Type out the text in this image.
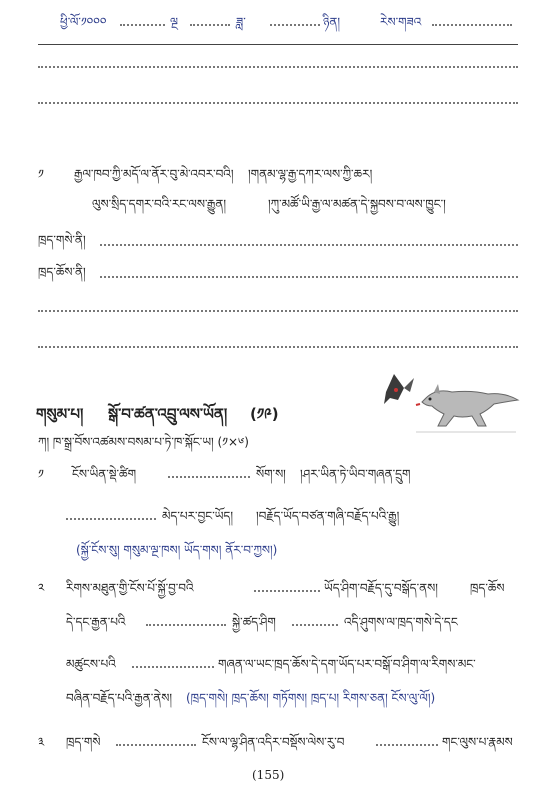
ཕྱི་ལོ་༡༠༠༠	ལྔ	ཟླ་	ཉིན།	རེས་གཟའ
༡	རྒྱལ་ཁབ་ཀྱི་མདོ་ལ་ནོར་བུ་མེ་འབར་བའི། །གནམ་ལྷ་རྒྱ་དཀར་ལས་ཀྱི་ཆར།
ལུས་སྲིད་དགར་བའི་རང་ལས་རྒྱུན།	།ཀུ་མཚོ་ཡི་རྒྱ་ལ་མཚན་དེ་སྐྱབས་བ་ལས་ཁྱུང་།
ཁྲད་གསེ་ནི།
ཁྲད་ཆོས་ནི།
གསུམ་པ། སྒོ་བ་ཚན་འབྲུ་ལས་ཡོན། (༡༩)
ཀ། ཁ་སྒྲ་བོས་འཚམས་བསམ་པ་ཏེ་ཁ་སྐོང་ཡ། (༡×༦)
༡ ངོས་ཡིན་སྡེ་ཚིག	སོག་ས། །ཤར་ཡིན་ཏེ་ཡིབ་གཞན་དྲུག
མེད་པར་བྱང་ཡོད། །བརྗོད་ཡོད་བཙན་གཞི་བརྗོད་པའི་རྒྱུ།
(སྐྱོ་ངོས་སུ། གསུམ་ལྔ་ཁས། ཡོད་གས། ནོར་བ་ཀྱས།)
༢ རིགས་མཐུན་གྱི་ངོས་པོ་སྐྱོ་བྱ་བའི	ཡོད་ཤིག་བརྗོད་དུ་བསྒོད་ནས།	ཁྲད་ཆོས
དེ་དང་རྒྱན་པའི	སྐྱེ་ཚད་ཤིག	འདི་ཤུགས་ལ་ཁྲད་གསེ་དེ་དང
མཚུངས་པའི	གཞན་ལ་ཡང་ཁྲད་ཆོས་དེ་དག་ཡོད་པར་བསྒོ་བ་ཤིག་ལ་རིགས་མང་
བཞིན་བརྗོད་པའི་རྒྱན་ནེས། (ཁྲད་གསེ། ཁྲད་ཆོས། གཏོགས། ཁྲད་པ། རིགས་ཅན། ངོས་ལུ་ལོ།)
༣ ཁྲད་གསེ	ངོས་ལ་ལྷ་ཤིན་འདིར་བསྡོས་ལེས་རུ་བ	གང་ལུས་པ་རྣམས
(155)
